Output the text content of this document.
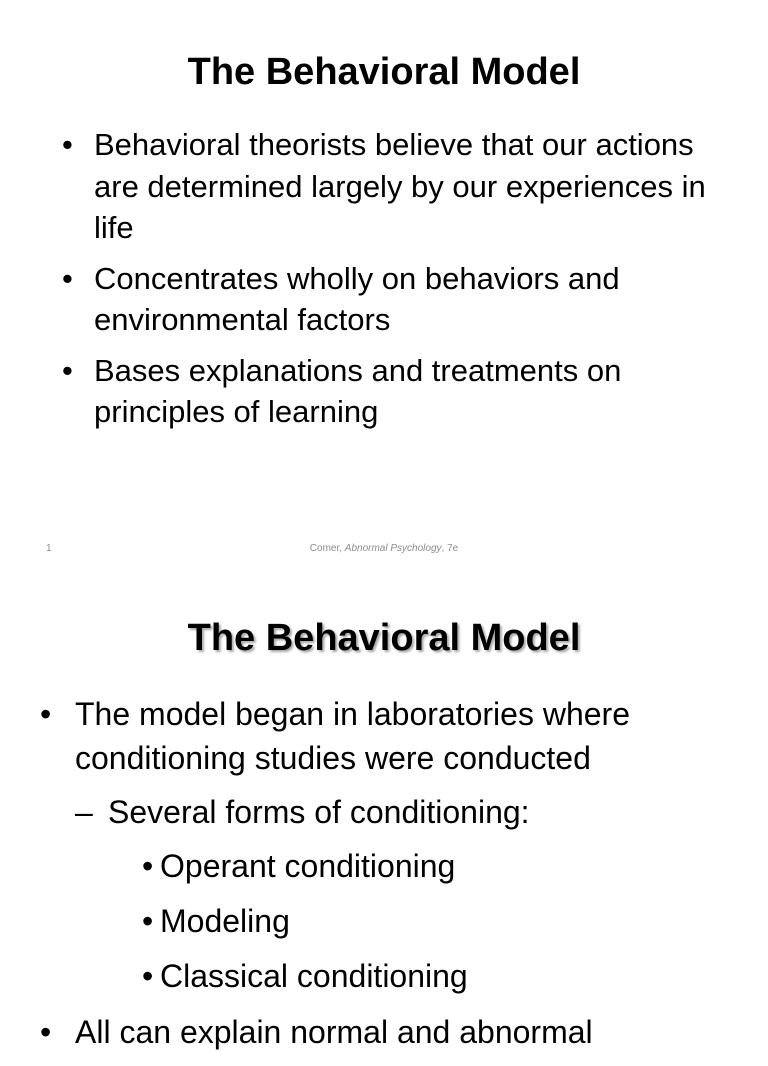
The Behavioral Model
• Behavioral theorists believe that our actions are determined largely by our experiences in life
• Concentrates wholly on behaviors and environmental factors
• Bases explanations and treatments on principles of learning
1	Comer, Abnormal Psychology, 7e
The Behavioral Model
• The model began in laboratories where conditioning studies were conducted
– Several forms of conditioning:
• Operant conditioning
• Modeling
• Classical conditioning
• All can explain normal and abnormal
